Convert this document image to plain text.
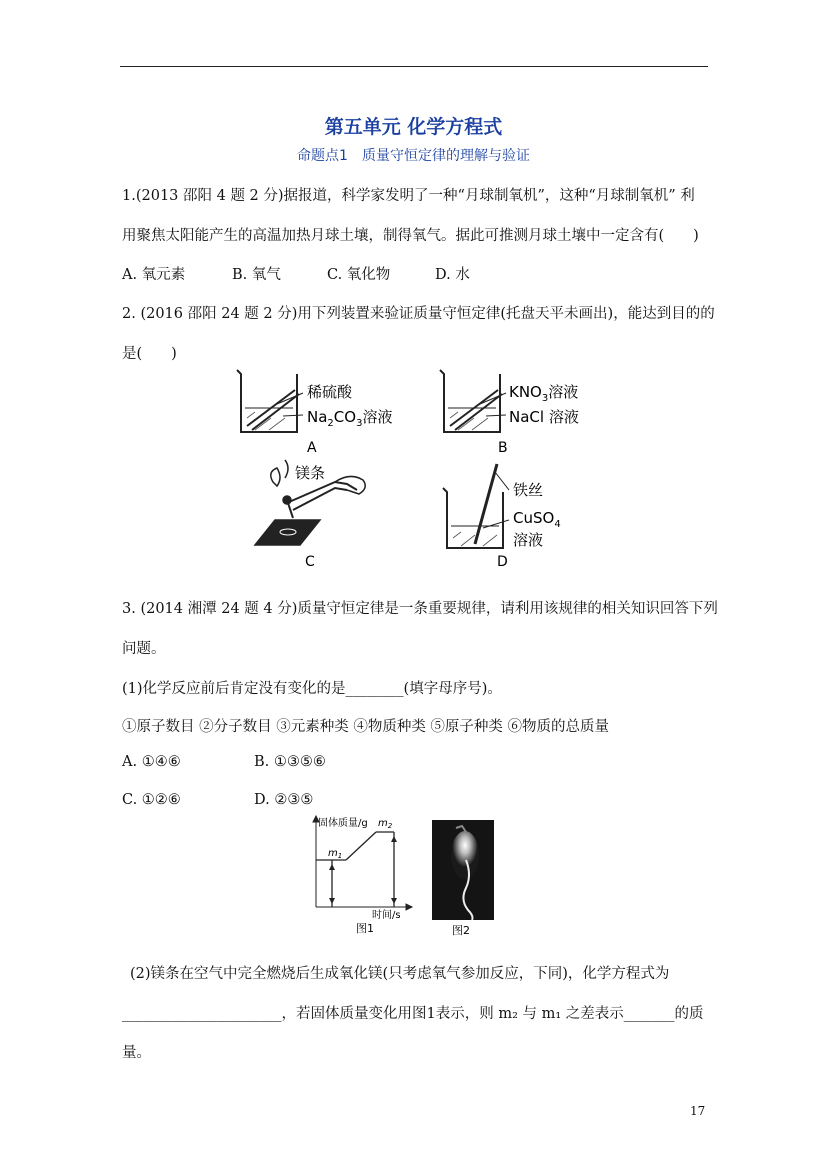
第五单元 化学方程式
命题点1　质量守恒定律的理解与验证
1.(2013 邵阳 4 题 2 分)据报道，科学家发明了一种“月球制氧机”，这种“月球制氧机” 利
用聚焦太阳能产生的高温加热月球土壤，制得氧气。据此可推测月球土壤中一定含有(　　)
A. 氧元素	B. 氧气	C. 氧化物	D. 水
2. (2016 邵阳 24 题 2 分)用下列装置来验证质量守恒定律(托盘天平未画出)，能达到目的的
是(　　)
稀硫酸
$Na_2CO_3$溶液
A
$KNO_3$溶液
NaCl 溶液
B
镁条
C
铁丝
CuSO$_4$
溶液
D
3. (2014 湘潭 24 题 4 分)质量守恒定律是一条重要规律，请利用该规律的相关知识回答下列
问题。
(1)化学反应前后肯定没有变化的是________(填字母序号)。
①原子数目 ②分子数目 ③元素种类 ④物质种类 ⑤原子种类 ⑥物质的总质量
A. ①④⑥	B. ①③⑤⑥
C. ①②⑥	D. ②③⑤
固体质量/g $m_2$
$m_1$
时间/s
图1	图2
(2)镁条在空气中完全燃烧后生成氧化镁(只考虑氧气参加反应，下同)，化学方程式为
______________________，若固体质量变化用图1表示，则 m₂ 与 m₁ 之差表示_______的质
量。
17
